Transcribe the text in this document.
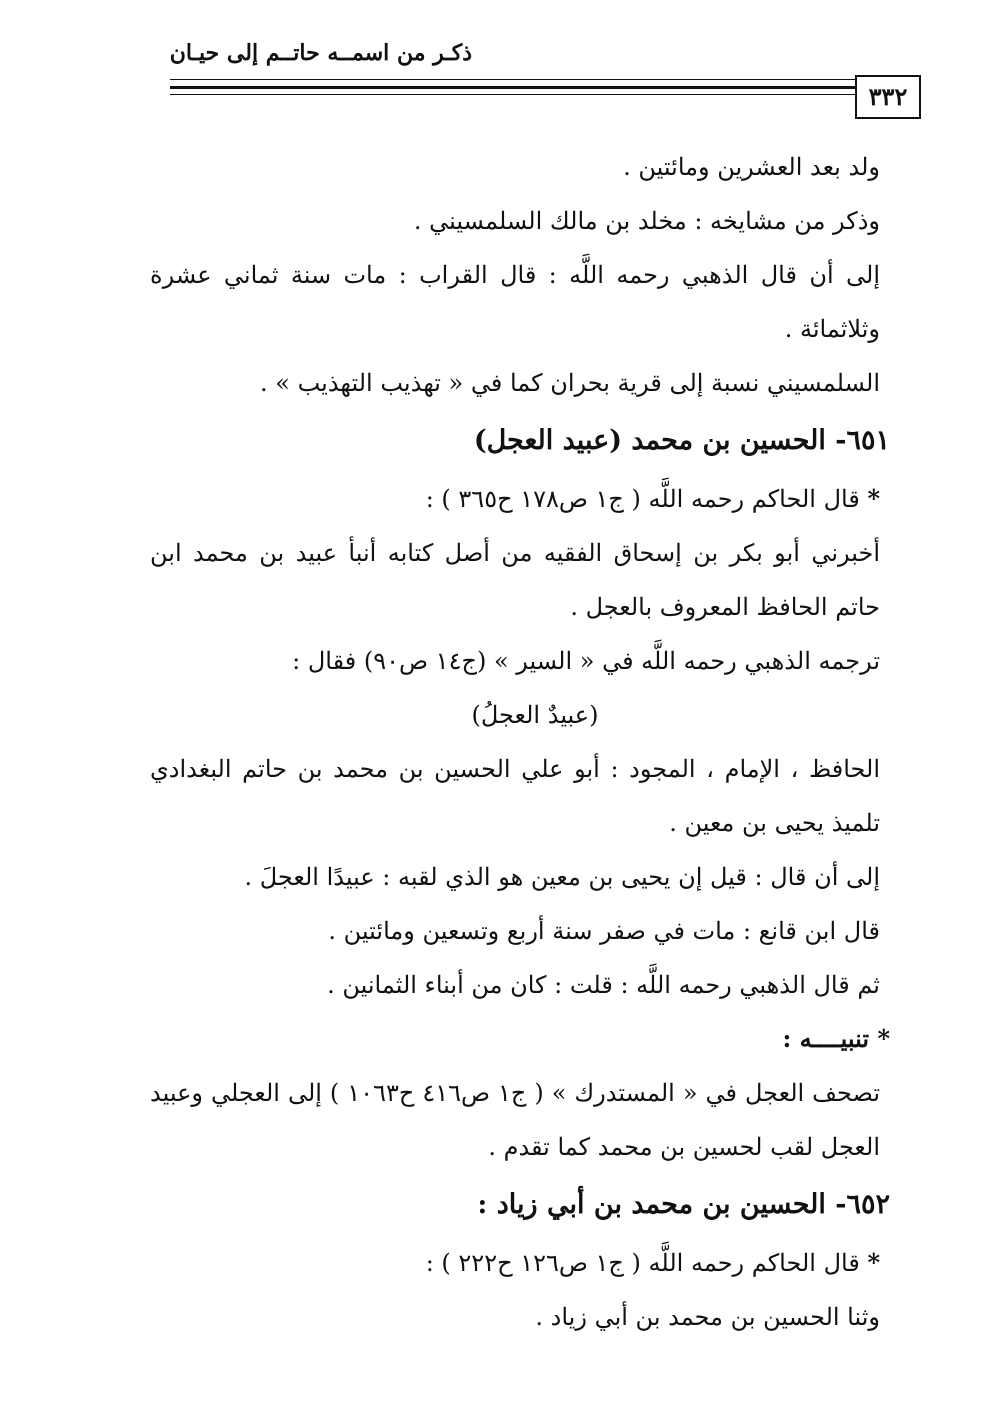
ذكـر من اسمــه حاتــم إلى حيـان
٣٣٢

ولد بعد العشرين ومائتين .

وذكر من مشايخه : مخلد بن مالك السلمسيني .

إلى أن قال الذهبي رحمه اللَّه : قال القراب : مات سنة ثماني عشرة وثلاثمائة .

السلمسيني نسبة إلى قرية بحران كما في « تهذيب التهذيب » .

٦٥١- الحسين بن محمد (عبيد العجل)

* قال الحاكم رحمه اللَّه ( ج١ ص١٧٨ ح٣٦٥ ) :

أخبرني أبو بكر بن إسحاق الفقيه من أصل كتابه أنبأ عبيد بن محمد ابن حاتم الحافظ المعروف بالعجل .

ترجمه الذهبي رحمه اللَّه في « السير » (ج١٤ ص٩٠) فقال :

(عبيدٌ العجلُ)

الحافظ ، الإمام ، المجود : أبو علي الحسين بن محمد بن حاتم البغدادي تلميذ يحيى بن معين .

إلى أن قال : قيل إن يحيى بن معين هو الذي لقبه : عبيدًا العجلَ .

قال ابن قانع : مات في صفر سنة أربع وتسعين ومائتين .

ثم قال الذهبي رحمه اللَّه : قلت : كان من أبناء الثمانين .

* تنبيــــه :

تصحف العجل في « المستدرك » ( ج١ ص٤١٦ ح١٠٦٣ ) إلى العجلي وعبيد العجل لقب لحسين بن محمد كما تقدم .

٦٥٢- الحسين بن محمد بن أبي زياد :

* قال الحاكم رحمه اللَّه ( ج١ ص١٢٦ ح٢٢٢ ) :

وثنا الحسين بن محمد بن أبي زياد .
